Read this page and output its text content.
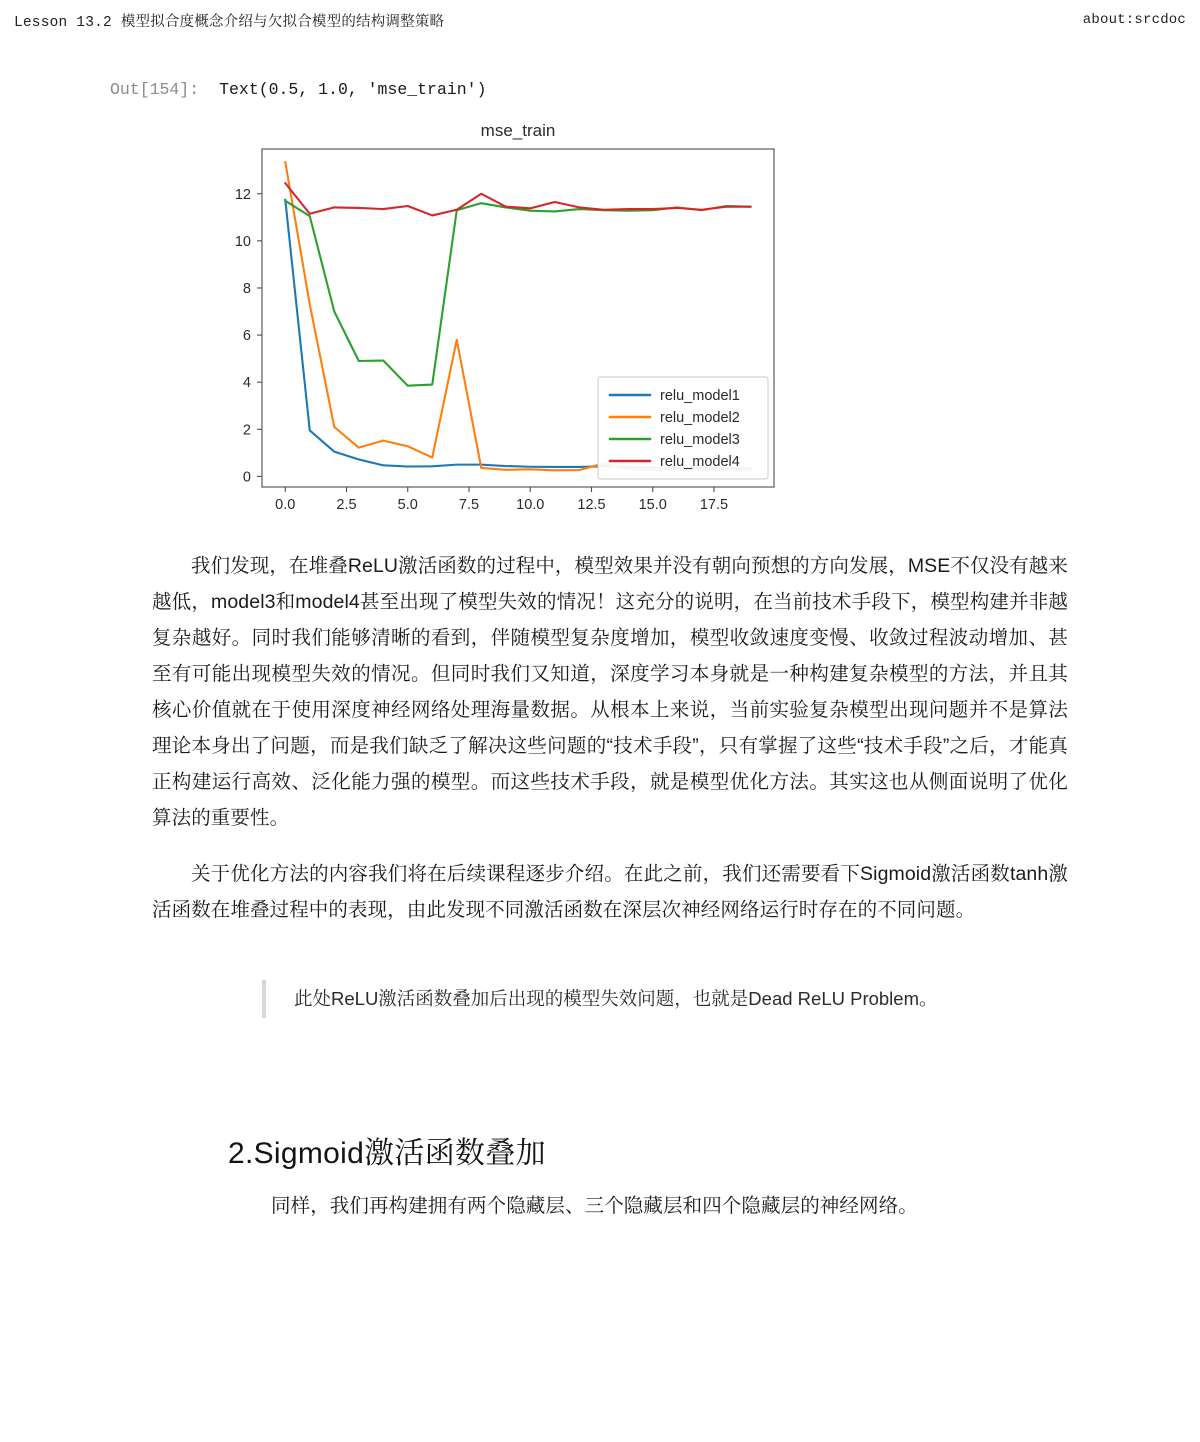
Lesson 13.2 模型拟合度概念介绍与欠拟合模型的结构调整策略	about:srcdoc
Out[154]: Text(0.5, 1.0, 'mse_train')
mse_train
0.0	2.5	5.0	7.5	10.0 12.5 15.0 17.5
0
2
4
6
8
10
12
relu_model1
relu_model2
relu_model3
relu_model4

我们发现，在堆叠ReLU激活函数的过程中，模型效果并没有朝向预想的方向发展，MSE不仅没有越来越低，model3和model4甚至出现了模型失效的情况！这充分的说明，在当前技术手段下，模型构建并非越复杂越好。同时我们能够清晰的看到，伴随模型复杂度增加，模型收敛速度变慢、收敛过程波动增加、甚至有可能出现模型失效的情况。但同时我们又知道，深度学习本身就是一种构建复杂模型的方法，并且其核心价值就在于使用深度神经网络处理海量数据。从根本上来说，当前实验复杂模型出现问题并不是算法理论本身出了问题，而是我们缺乏了解决这些问题的“技术手段”，只有掌握了这些“技术手段”之后，才能真正构建运行高效、泛化能力强的模型。而这些技术手段，就是模型优化方法。其实这也从侧面说明了优化算法的重要性。

关于优化方法的内容我们将在后续课程逐步介绍。在此之前，我们还需要看下Sigmoid激活函数tanh激活函数在堆叠过程中的表现，由此发现不同激活函数在深层次神经网络运行时存在的不同问题。

此处ReLU激活函数叠加后出现的模型失效问题，也就是Dead ReLU Problem。
2.Sigmoid激活函数叠加

同样，我们再构建拥有两个隐藏层、三个隐藏层和四个隐藏层的神经网络。
